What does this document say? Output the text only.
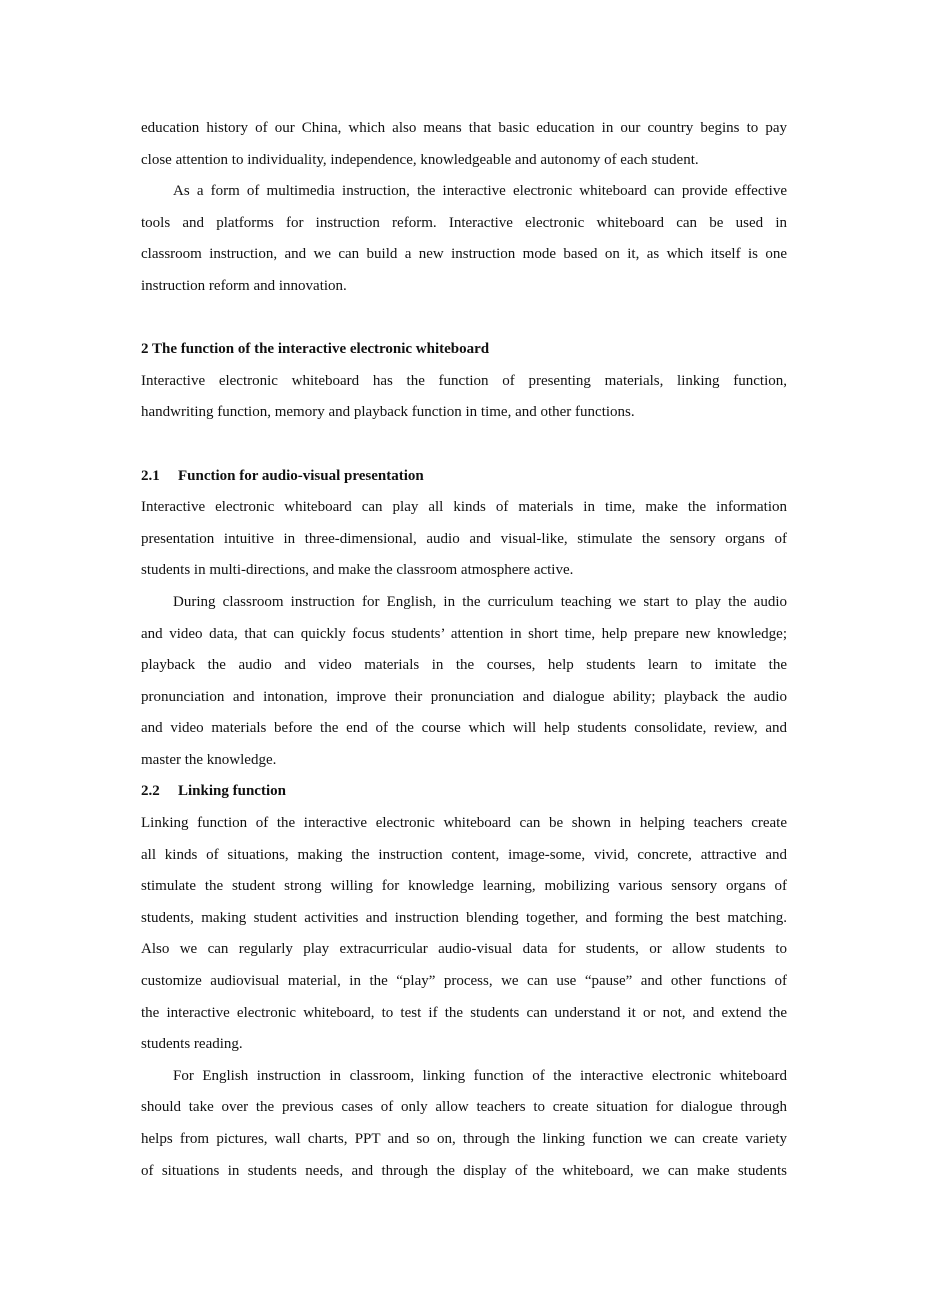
education history of our China, which also means that basic education in our country begins to pay
close attention to individuality, independence, knowledgeable and autonomy of each student.
As a form of multimedia instruction, the interactive electronic whiteboard can provide effective
tools and platforms for instruction reform. Interactive electronic whiteboard can be used in
classroom instruction, and we can build a new instruction mode based on it, as which itself is one
instruction reform and innovation.
2 The function of the interactive electronic whiteboard
Interactive electronic whiteboard has the function of presenting materials, linking function,
handwriting function, memory and playback function in time, and other functions.
2.1 Function for audio-visual presentation
Interactive electronic whiteboard can play all kinds of materials in time, make the information
presentation intuitive in three-dimensional, audio and visual-like, stimulate the sensory organs of
students in multi-directions, and make the classroom atmosphere active.
During classroom instruction for English, in the curriculum teaching we start to play the audio
and video data, that can quickly focus students’ attention in short time, help prepare new knowledge;
playback the audio and video materials in the courses, help students learn to imitate the
pronunciation and intonation, improve their pronunciation and dialogue ability; playback the audio
and video materials before the end of the course which will help students consolidate, review, and
master the knowledge.
2.2 Linking function
Linking function of the interactive electronic whiteboard can be shown in helping teachers create
all kinds of situations, making the instruction content, image-some, vivid, concrete, attractive and
stimulate the student strong willing for knowledge learning, mobilizing various sensory organs of
students, making student activities and instruction blending together, and forming the best matching.
Also we can regularly play extracurricular audio-visual data for students, or allow students to
customize audiovisual material, in the “play” process, we can use “pause” and other functions of
the interactive electronic whiteboard, to test if the students can understand it or not, and extend the
students reading.
For English instruction in classroom, linking function of the interactive electronic whiteboard
should take over the previous cases of only allow teachers to create situation for dialogue through
helps from pictures, wall charts, PPT and so on, through the linking function we can create variety
of situations in students needs, and through the display of the whiteboard, we can make students
